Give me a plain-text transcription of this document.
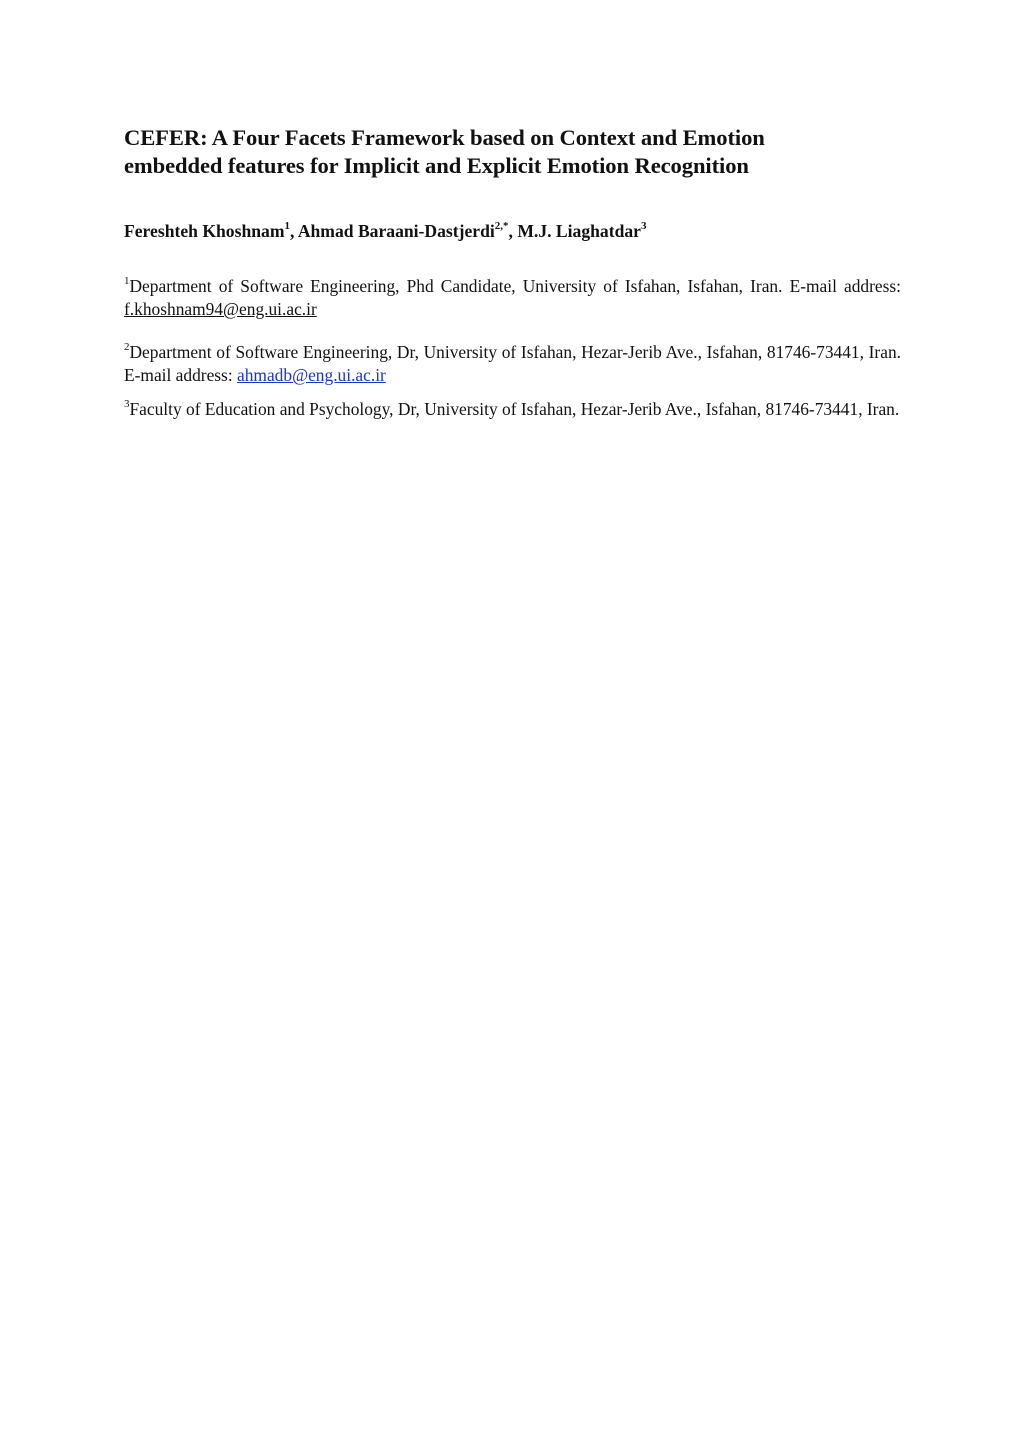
CEFER: A Four Facets Framework based on Context and Emotion
embedded features for Implicit and Explicit Emotion Recognition

Fereshteh Khoshnam$^1$, Ahmad Baraani-Dastjerdi$^{2,*}$, M.J. Liaghatdar$^3$

$^1$Department of Software Engineering, Phd Candidate, University of Isfahan, Isfahan, Iran. E-mail address: f.khoshnam94@eng.ui.ac.ir

$^2$Department of Software Engineering, Dr, University of Isfahan, Hezar-Jerib Ave., Isfahan, 81746-73441, Iran. E-mail address: ahmadb@eng.ui.ac.ir

$^3$Faculty of Education and Psychology, Dr, University of Isfahan, Hezar-Jerib Ave., Isfahan, 81746-73441, Iran.
